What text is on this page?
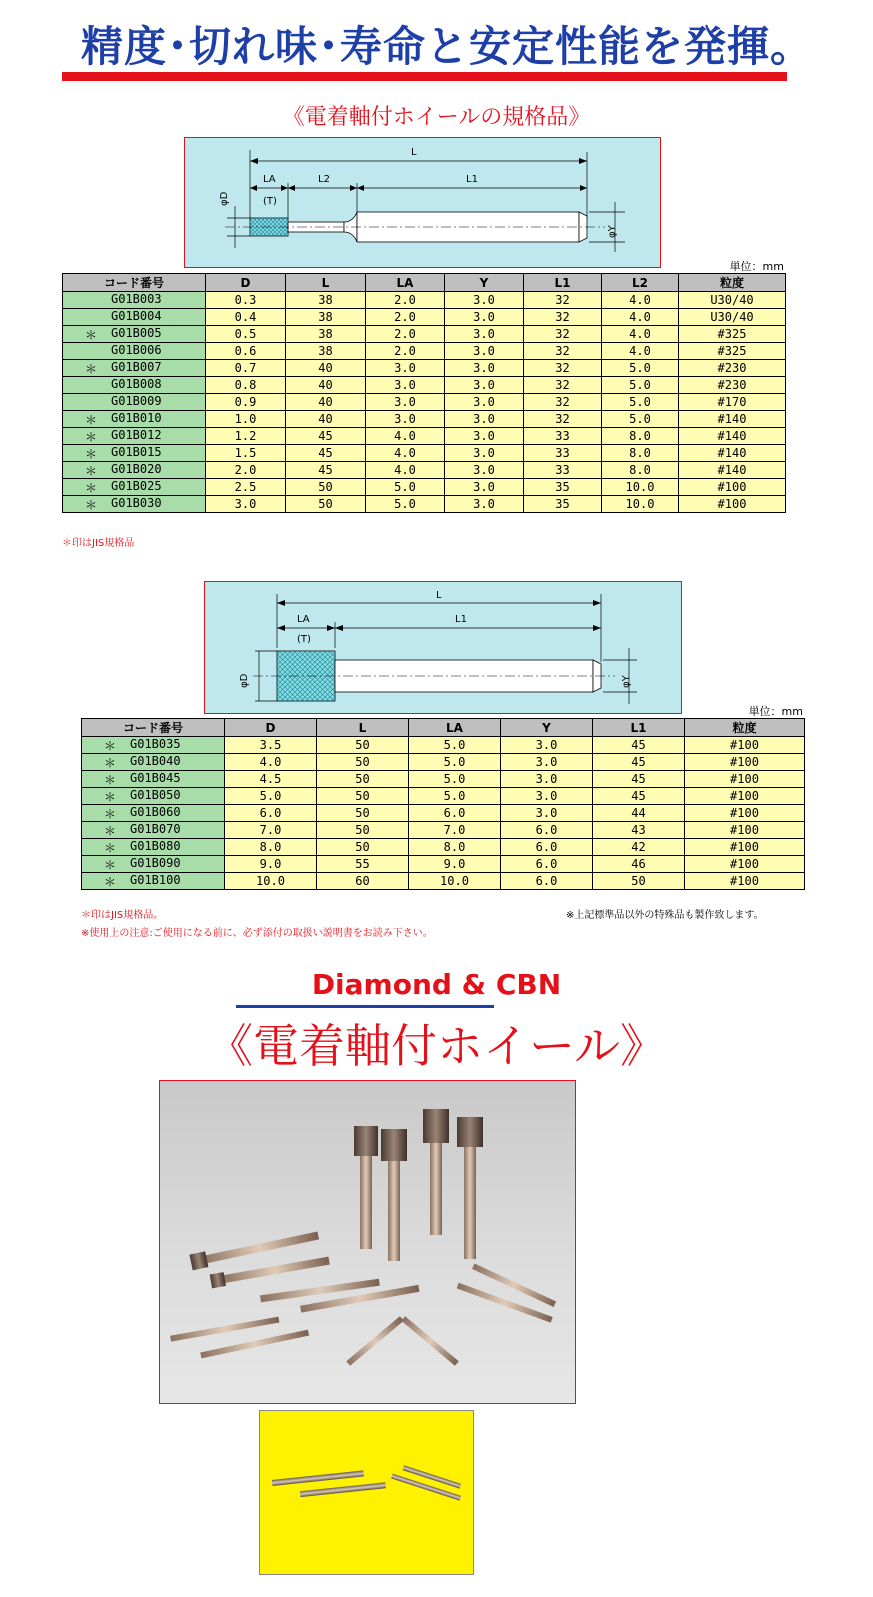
精度･切れ味･寿命と安定性能を発揮｡
《電着軸付ホイールの規格品》
L
LA
(T)
L2	L1
φD
φY
単位：mm
コード番号	D	L	LA	Y	L1	L2	粒度

G01B003	0.3	38	2.0	3.0	32	4.0	U30/40

G01B004	0.4	38	2.0	3.0	32	4.0	U30/40

＊ G01B005	0.5	38	2.0	3.0	32	4.0	#325

G01B006	0.6	38	2.0	3.0	32	4.0	#325

＊ G01B007	0.7	40	3.0	3.0	32	5.0	#230

G01B008	0.8	40	3.0	3.0	32	5.0	#230

G01B009	0.9	40	3.0	3.0	32	5.0	#170

＊ G01B010	1.0	40	3.0	3.0	32	5.0	#140

＊ G01B012	1.2	45	4.0	3.0	33	8.0	#140

＊ G01B015	1.5	45	4.0	3.0	33	8.0	#140

＊ G01B020	2.0	45	4.0	3.0	33	8.0	#140

＊ G01B025	2.5	50	5.0	3.0	35	10.0	#100

＊ G01B030	3.0	50	5.0	3.0	35	10.0	#100
＊印はJIS規格品
L
LA
(T)
L1
φD	φY
単位：mm
コード番号	D	L	LA	Y	L1	粒度

＊ G01B035	3.5	50	5.0	3.0	45	#100

＊ G01B040	4.0	50	5.0	3.0	45	#100

＊ G01B045	4.5	50	5.0	3.0	45	#100

＊ G01B050	5.0	50	5.0	3.0	45	#100

＊ G01B060	6.0	50	6.0	3.0	44	#100

＊ G01B070	7.0	50	7.0	6.0	43	#100

＊ G01B080	8.0	50	8.0	6.0	42	#100

＊ G01B090	9.0	55	9.0	6.0	46	#100

＊ G01B100	10.0	60	10.0	6.0	50	#100
＊印はJIS規格品。	※上記標準品以外の特殊品も製作致します。
※使用上の注意:ご使用になる前に、必ず添付の取扱い説明書をお読み下さい。
Diamond & CBN
《電着軸付ホイール》
